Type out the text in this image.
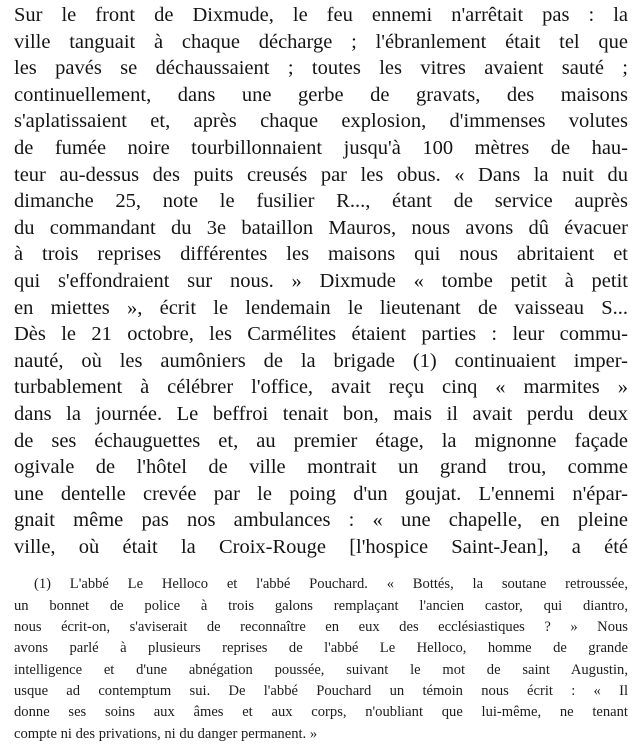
Sur le front de Dixmude, le feu ennemi n'arrêtait pas : la
ville tanguait à chaque décharge ; l'ébranlement était tel que
les pavés se déchaussaient ; toutes les vitres avaient sauté ;
continuellement, dans une gerbe de gravats, des maisons
s'aplatissaient et, après chaque explosion, d'immenses volutes
de fumée noire tourbillonnaient jusqu'à 100 mètres de hau-
teur au-dessus des puits creusés par les obus. « Dans la nuit du
dimanche 25, note le fusilier R..., étant de service auprès
du commandant du 3e bataillon Mauros, nous avons dû évacuer
à trois reprises différentes les maisons qui nous abritaient et
qui s'effondraient sur nous. » Dixmude « tombe petit à petit
en miettes », écrit le lendemain le lieutenant de vaisseau S...
Dès le 21 octobre, les Carmélites étaient parties : leur commu-
nauté, où les aumôniers de la brigade (1) continuaient imper-
turbablement à célébrer l'office, avait reçu cinq « marmites »
dans la journée. Le beffroi tenait bon, mais il avait perdu deux
de ses échauguettes et, au premier étage, la mignonne façade
ogivale de l'hôtel de ville montrait un grand trou, comme
une dentelle crevée par le poing d'un goujat. L'ennemi n'épar-
gnait même pas nos ambulances : « une chapelle, en pleine
ville, où était la Croix-Rouge [l'hospice Saint-Jean], a été
(1) L'abbé Le Helloco et l'abbé Pouchard. « Bottés, la soutane retroussée,
un bonnet de police à trois galons remplaçant l'ancien castor, qui diantro,
nous écrit-on, s'aviserait de reconnaître en eux des ecclésiastiques ? » Nous
avons parlé à plusieurs reprises de l'abbé Le Helloco, homme de grande
intelligence et d'une abnégation poussée, suivant le mot de saint Augustin,
usque ad contemptum sui. De l'abbé Pouchard un témoin nous écrit : « Il
donne ses soins aux âmes et aux corps, n'oubliant que lui-même, ne tenant
compte ni des privations, ni du danger permanent. »
